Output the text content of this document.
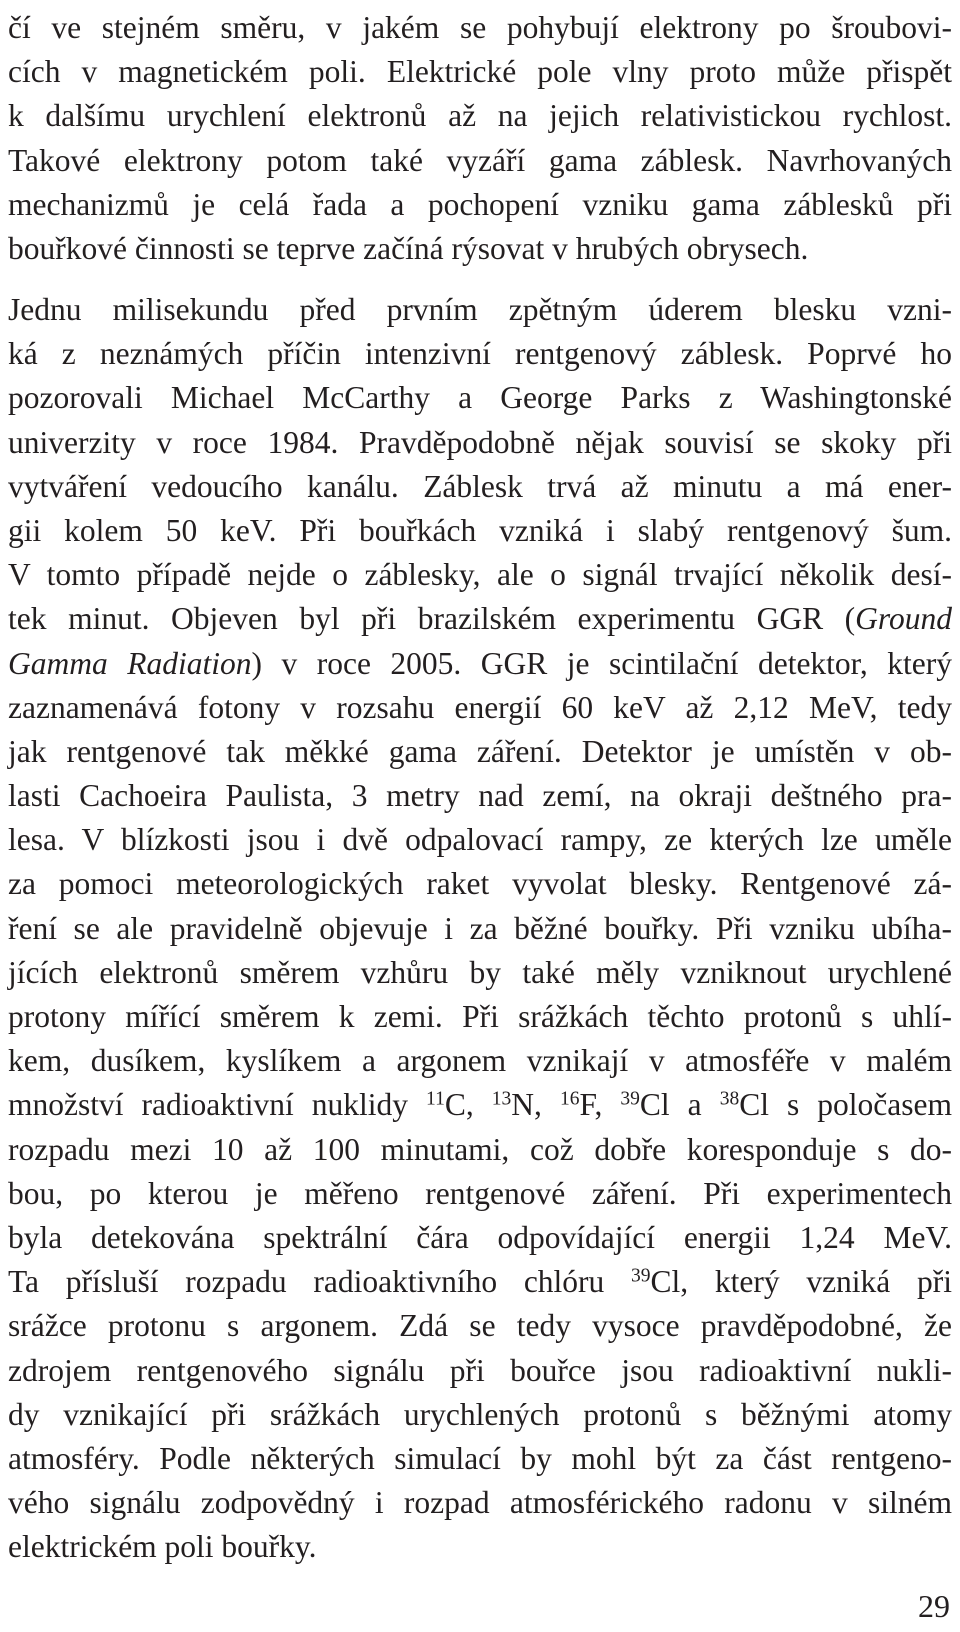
čí ve stejném směru, v jakém se pohybují elektrony po šroubovi-
cích v magnetickém poli. Elektrické pole vlny proto může přispět
k dalšímu urychlení elektronů až na jejich relativistickou rychlost.
Takové elektrony potom také vyzáří gama záblesk. Navrhovaných
mechanizmů je celá řada a pochopení vzniku gama záblesků při
bouřkové činnosti se teprve začíná rýsovat v hrubých obrysech.
Jednu milisekundu před prvním zpětným úderem blesku vzni-
ká z neznámých příčin intenzivní rentgenový záblesk. Poprvé ho
pozorovali Michael McCarthy a George Parks z Washingtonské
univerzity v roce 1984. Pravděpodobně nějak souvisí se skoky při
vytváření vedoucího kanálu. Záblesk trvá až minutu a má ener-
gii kolem 50 keV. Při bouřkách vzniká i slabý rentgenový šum.
V tomto případě nejde o záblesky, ale o signál trvající několik desí-
tek minut. Objeven byl při brazilském experimentu GGR (Ground
Gamma Radiation) v roce 2005. GGR je scintilační detektor, který
zaznamenává fotony v rozsahu energií 60 keV až 2,12 MeV, tedy
jak rentgenové tak měkké gama záření. Detektor je umístěn v ob-
lasti Cachoeira Paulista, 3 metry nad zemí, na okraji deštného pra-
lesa. V blízkosti jsou i dvě odpalovací rampy, ze kterých lze uměle
za pomoci meteorologických raket vyvolat blesky. Rentgenové zá-
ření se ale pravidelně objevuje i za běžné bouřky. Při vzniku ubíha-
jících elektronů směrem vzhůru by také měly vzniknout urychlené
protony mířící směrem k zemi. Při srážkách těchto protonů s uhlí-
kem, dusíkem, kyslíkem a argonem vznikají v atmosféře v malém
množství radioaktivní nuklidy $^{11}$C, $^{13}$N, $^{16}$F, $^{39}$Cl a $^{38}$Cl s poločasem
rozpadu mezi 10 až 100 minutami, což dobře koresponduje s do-
bou, po kterou je měřeno rentgenové záření. Při experimentech
byla detekována spektrální čára odpovídající energii 1,24 MeV.
Ta přísluší rozpadu radioaktivního chlóru $^{39}$Cl, který vzniká při
srážce protonu s argonem. Zdá se tedy vysoce pravděpodobné, že
zdrojem rentgenového signálu při bouřce jsou radioaktivní nukli-
dy vznikající při srážkách urychlených protonů s běžnými atomy
atmosféry. Podle některých simulací by mohl být za část rentgeno-
vého signálu zodpovědný i rozpad atmosférického radonu v silném
elektrickém poli bouřky.
29
